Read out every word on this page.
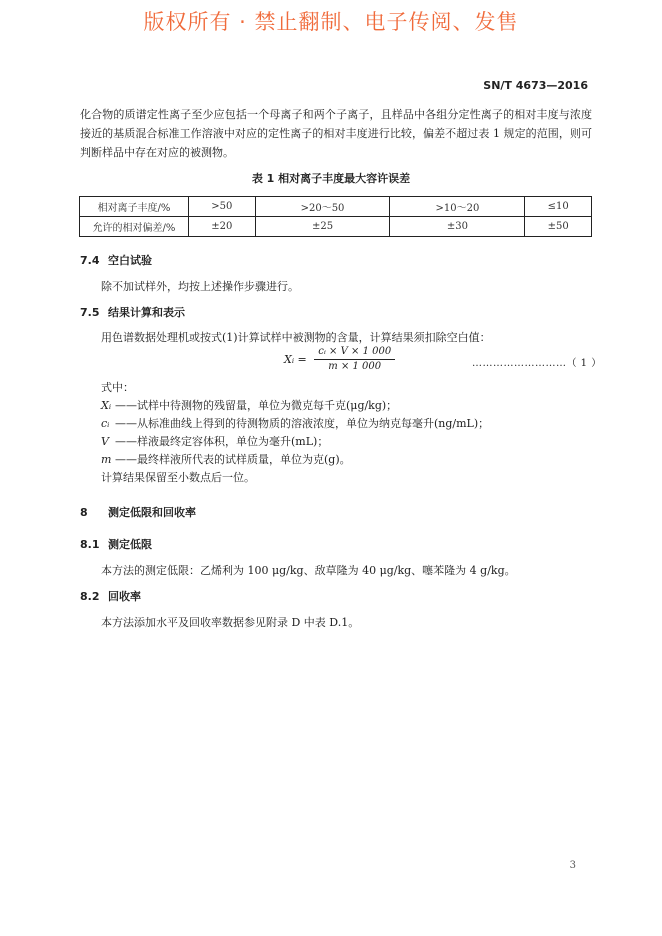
版权所有 · 禁止翻制、电子传阅、发售
SN/T 4673—2016
化合物的质谱定性离子至少应包括一个母离子和两个子离子，且样品中各组分定性离子的相对丰度与浓度接近的基质混合标准工作溶液中对应的定性离子的相对丰度进行比较，偏差不超过表 1 规定的范围，则可判断样品中存在对应的被测物。
表 1 相对离子丰度最大容许误差
相对离子丰度/%	>50	>20～50	>10～20	≤10
允许的相对偏差/%	±20	±25	±30	±50
7.4 空白试验
除不加试样外，均按上述操作步骤进行。
7.5 结果计算和表示
用色谱数据处理机或按式(1)计算试样中被测物的含量，计算结果须扣除空白值：
Xᵢ = $\frac{\text{cᵢ × V × 1 000}}{m \times 1 000}$	………………………（ 1 ）
式中：
Xᵢ ——试样中待测物的残留量，单位为微克每千克(μg/kg)；
cᵢ ——从标准曲线上得到的待测物质的溶液浓度，单位为纳克每毫升(ng/mL)；
V ——样液最终定容体积，单位为毫升(mL)；
m ——最终样液所代表的试样质量，单位为克(g)。
计算结果保留至小数点后一位。
8 测定低限和回收率
8.1 测定低限
本方法的测定低限：乙烯利为 100 μg/kg、敌草隆为 40 μg/kg、噻苯隆为 4 g/kg。
8.2 回收率
本方法添加水平及回收率数据参见附录 D 中表 D.1。
3
